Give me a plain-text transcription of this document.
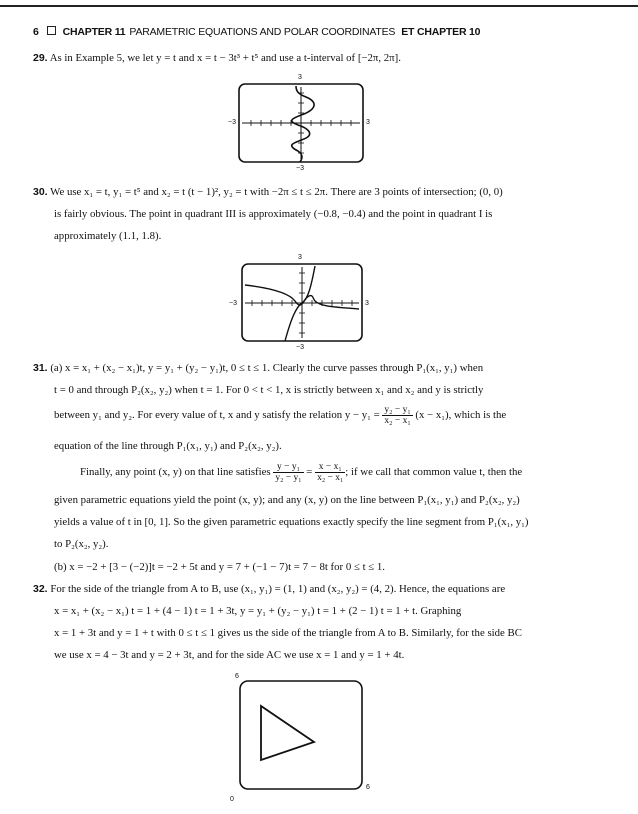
6 CHAPTER 11 PARAMETRIC EQUATIONS AND POLAR COORDINATES ET CHAPTER 10
29. As in Example 5, we let y = t and x = t − 3t³ + t⁵ and use a t-interval of [−2π, 2π].
3
−3	3
−3
30. We use x₁ = t, y₁ = t⁵ and x₂ = t (t − 1)², y₂ = t with −2π ≤ t ≤ 2π. There are 3 points of intersection; (0, 0)
is fairly obvious. The point in quadrant III is approximately (−0.8, −0.4) and the point in quadrant I is
approximately (1.1, 1.8).
3
−3	3
−3
31. (a) x = x₁ + (x₂ − x₁)t, y = y₁ + (y₂ − y₁)t, 0 ≤ t ≤ 1. Clearly the curve passes through P₁(x₁, y₁) when
t = 0 and through P₂(x₂, y₂) when t = 1. For 0 < t < 1, x is strictly between x₁ and x₂ and y is strictly
between y₁ and y₂. For every value of t, x and y satisfy the relation $y - y_1 = \frac{\text{y₂ − y₁}}{\text{x₂ − x₁}} (x - x_1)$, which is the
equation of the line through P₁(x₁, y₁) and P₂(x₂, y₂).
Finally, any point (x, y) on that line satisfies $\frac{\text{y − y₁}}{\text{y₂ − y₁}} = \frac{\text{x − x₁}}{\text{x₂ − x₁}}$ ; if we call that common value t, then the
given parametric equations yield the point (x, y); and any (x, y) on the line between P₁(x₁, y₁) and P₂(x₂, y₂)
yields a value of t in [0, 1]. So the given parametric equations exactly specify the line segment from P₁(x₁, y₁)
to P₂(x₂, y₂).
(b) x = −2 + [3 − (−2)]t = −2 + 5t and y = 7 + (−1 − 7)t = 7 − 8t for 0 ≤ t ≤ 1.
32. For the side of the triangle from A to B, use (x₁, y₁) = (1, 1) and (x₂, y₂) = (4, 2). Hence, the equations are
x = x₁ + (x₂ − x₁) t = 1 + (4 − 1) t = 1 + 3t, y = y₁ + (y₂ − y₁) t = 1 + (2 − 1) t = 1 + t. Graphing
x = 1 + 3t and y = 1 + t with 0 ≤ t ≤ 1 gives us the side of the triangle from A to B. Similarly, for the side BC
we use x = 4 − 3t and y = 2 + 3t, and for the side AC we use x = 1 and y = 1 + 4t.
6
0
6
